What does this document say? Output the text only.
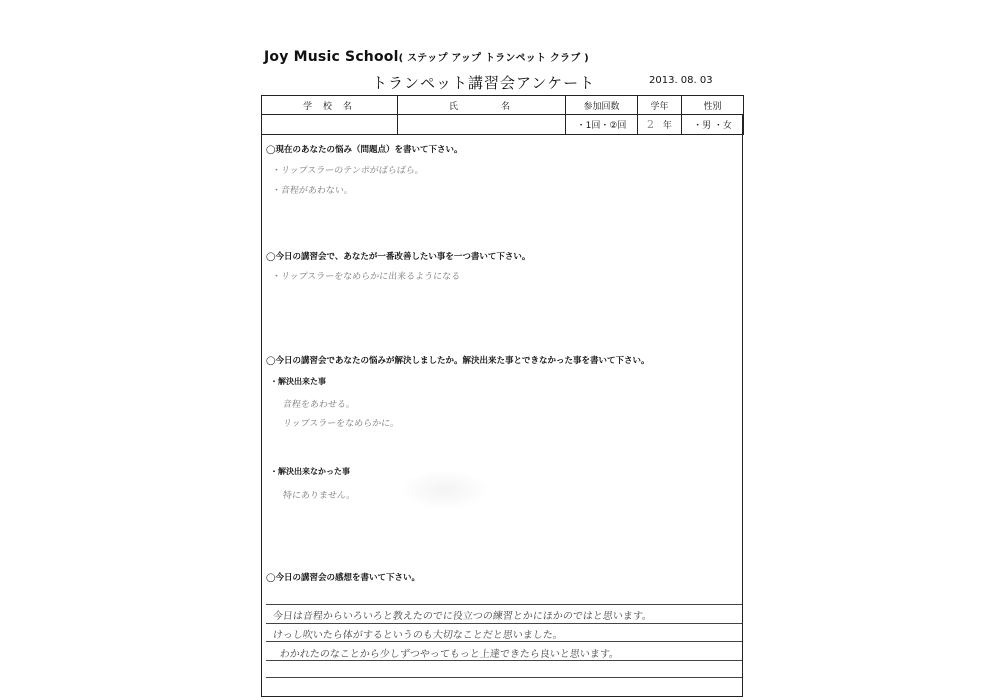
Joy Music School( ステップ アップ トランペット クラブ )
トランペット講習会アンケート	2013. 08. 03
学 校 名	氏　　　名	参加回数	学年	性別
		・1回・②回	2 年	・男 ・女
◯現在のあなたの悩み（問題点）を書いて下さい。
・リップスラーのテンポがばらばら。
・音程があわない。
◯今日の講習会で、あなたが一番改善したい事を一つ書いて下さい。
・リップスラーをなめらかに出来るようになる
◯今日の講習会であなたの悩みが解決しましたか。解決出来た事とできなかった事を書いて下さい。
・解決出来た事
音程をあわせる。
リップスラーをなめらかに。
・解決出来なかった事
特にありません。
◯今日の講習会の感想を書いて下さい。
今日は音程からいろいろと教えたのでに役立つの練習とかにほかのではと思います。
けっし吹いたら体がするというのも大切なことだと思いました。
わかれたのなことから少しずつやってもっと上達できたら良いと思います。
